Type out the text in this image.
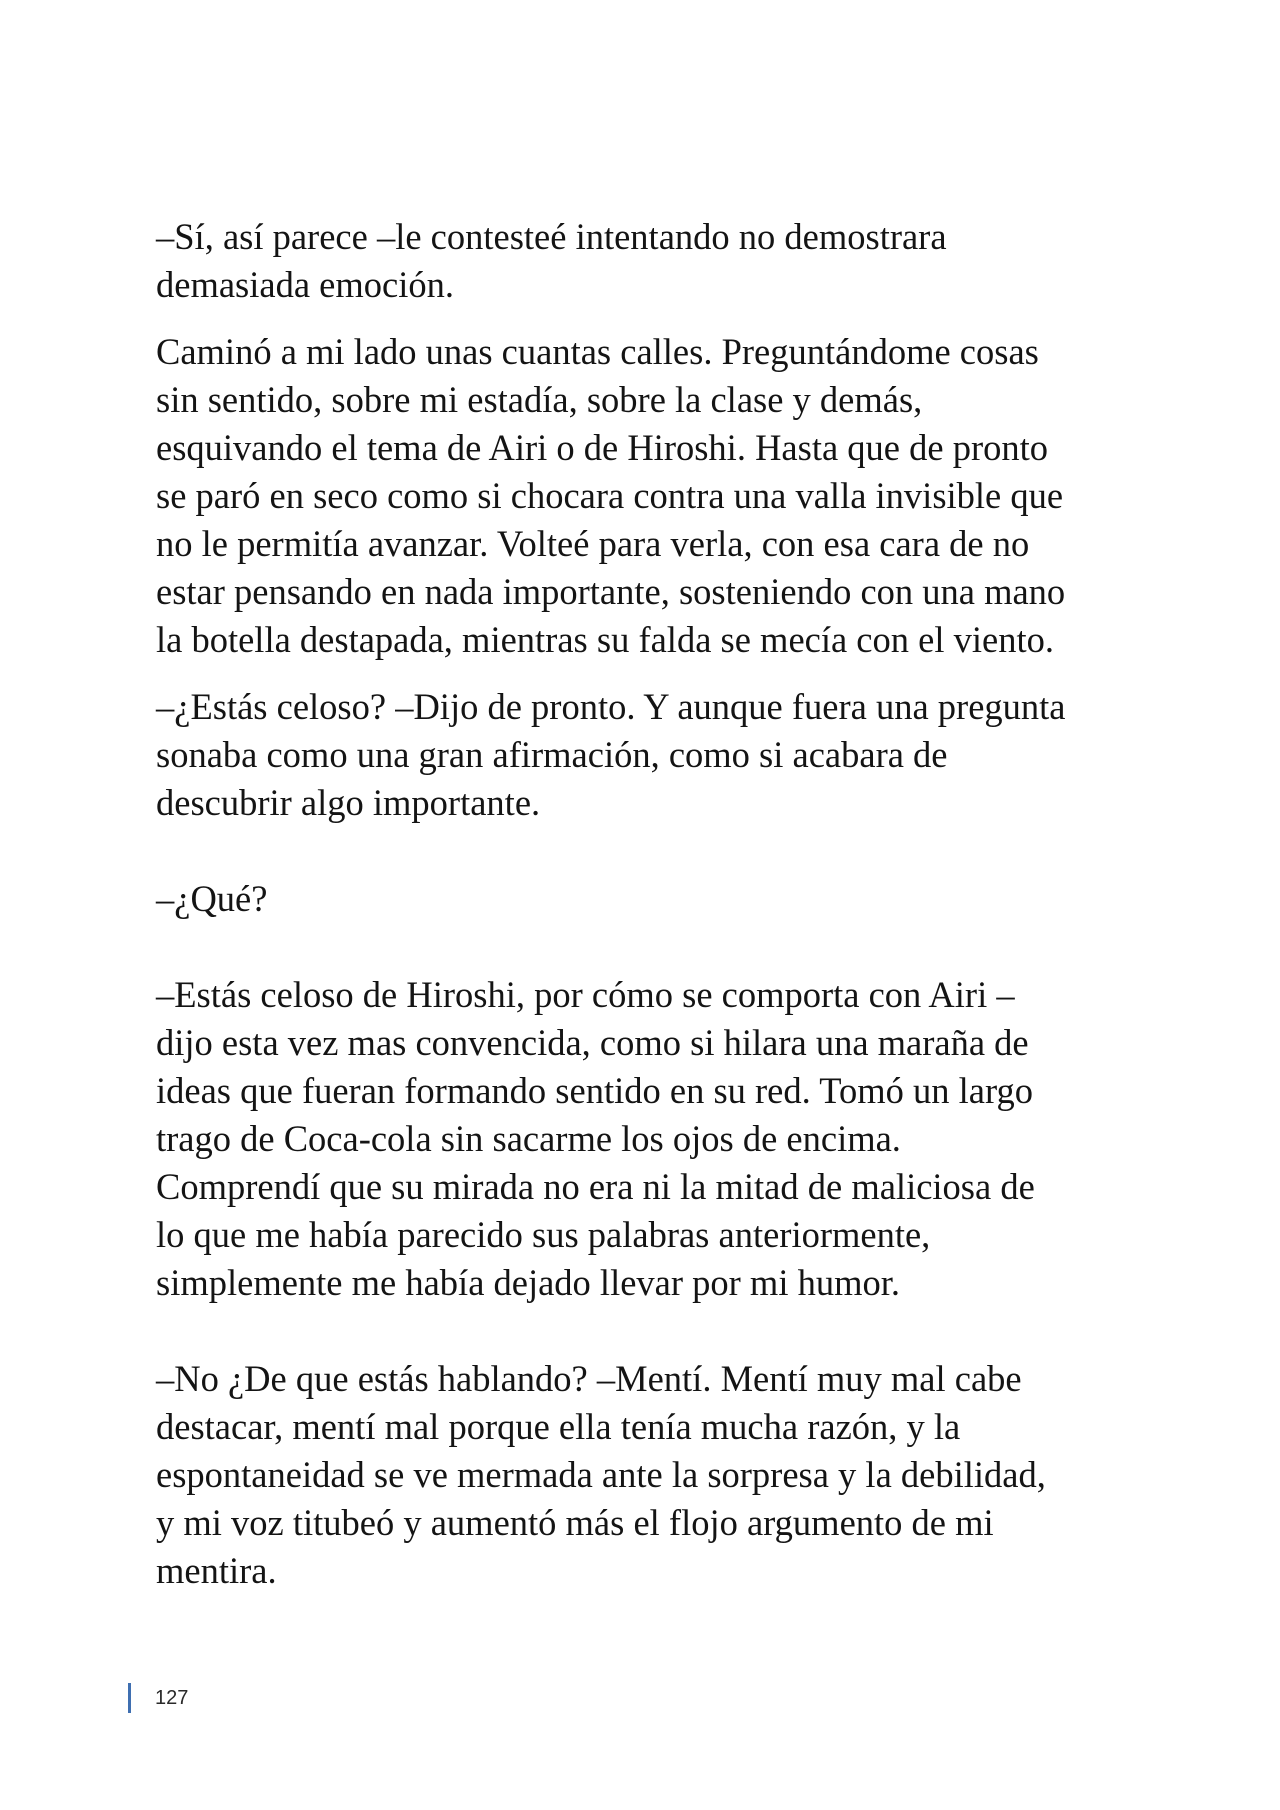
–Sí, así parece –le contesteé intentando no demostrara
demasiada emoción.

Caminó a mi lado unas cuantas calles. Preguntándome cosas
sin sentido, sobre mi estadía, sobre la clase y demás,
esquivando el tema de Airi o de Hiroshi. Hasta que de pronto
se paró en seco como si chocara contra una valla invisible que
no le permitía avanzar. Volteé para verla, con esa cara de no
estar pensando en nada importante, sosteniendo con una mano
la botella destapada, mientras su falda se mecía con el viento.

–¿Estás celoso? –Dijo de pronto. Y aunque fuera una pregunta
sonaba como una gran afirmación, como si acabara de
descubrir algo importante.

–¿Qué?

–Estás celoso de Hiroshi, por cómo se comporta con Airi –
dijo esta vez mas convencida, como si hilara una maraña de
ideas que fueran formando sentido en su red. Tomó un largo
trago de Coca-cola sin sacarme los ojos de encima.
Comprendí que su mirada no era ni la mitad de maliciosa de
lo que me había parecido sus palabras anteriormente,
simplemente me había dejado llevar por mi humor.

–No ¿De que estás hablando? –Mentí. Mentí muy mal cabe
destacar, mentí mal porque ella tenía mucha razón, y la
espontaneidad se ve mermada ante la sorpresa y la debilidad,
y mi voz titubeó y aumentó más el flojo argumento de mi
mentira.

127
